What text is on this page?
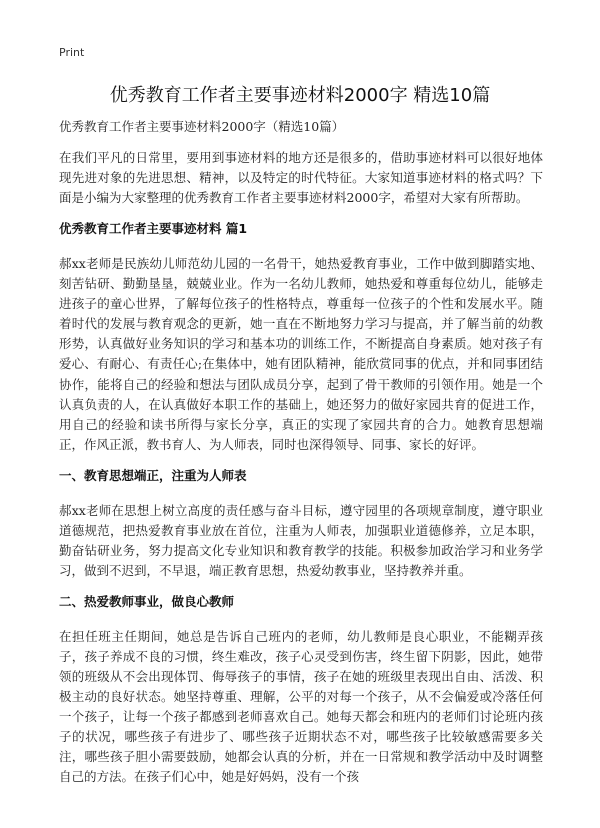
Print
优秀教育工作者主要事迹材料2000字 精选10篇

优秀教育工作者主要事迹材料2000字（精选10篇）

在我们平凡的日常里，要用到事迹材料的地方还是很多的，借助事迹材料可以很好地体现先进对象的先进思想、精神，以及特定的时代特征。大家知道事迹材料的格式吗？下面是小编为大家整理的优秀教育工作者主要事迹材料2000字，希望对大家有所帮助。

优秀教育工作者主要事迹材料 篇1

郝xx老师是民族幼儿师范幼儿园的一名骨干，她热爱教育事业，工作中做到脚踏实地、刻苦钻研、勤勤垦垦，兢兢业业。作为一名幼儿教师，她热爱和尊重每位幼儿，能够走进孩子的童心世界，了解每位孩子的性格特点，尊重每一位孩子的个性和发展水平。随着时代的发展与教育观念的更新，她一直在不断地努力学习与提高，并了解当前的幼教形势，认真做好业务知识的学习和基本功的训练工作，不断提高自身素质。她对孩子有爱心、有耐心、有责任心;在集体中，她有团队精神，能欣赏同事的优点，并和同事团结协作，能将自己的经验和想法与团队成员分享，起到了骨干教师的引领作用。她是一个认真负责的人，在认真做好本职工作的基础上，她还努力的做好家园共育的促进工作，用自己的经验和读书所得与家长分享，真正的实现了家园共育的合力。她教育思想端正，作风正派，教书育人、为人师表，同时也深得领导、同事、家长的好评。

一、教育思想端正，注重为人师表

郝xx老师在思想上树立高度的责任感与奋斗目标，遵守园里的各项规章制度，遵守职业道德规范，把热爱教育事业放在首位，注重为人师表，加强职业道德修养，立足本职，勤奋钻研业务，努力提高文化专业知识和教育教学的技能。积极参加政治学习和业务学习，做到不迟到，不早退，端正教育思想，热爱幼教事业，坚持教养并重。

二、热爱教师事业，做良心教师

在担任班主任期间，她总是告诉自己班内的老师，幼儿教师是良心职业，不能糊弄孩子，孩子养成不良的习惯，终生难改，孩子心灵受到伤害，终生留下阴影，因此，她带领的班级从不会出现体罚、侮辱孩子的事情，孩子在她的班级里表现出自由、活泼、积极主动的良好状态。她坚持尊重、理解，公平的对每一个孩子，从不会偏爱或冷落任何一个孩子，让每一个孩子都感到老师喜欢自己。她每天都会和班内的老师们讨论班内孩子的状况，哪些孩子有进步了、哪些孩子近期状态不对，哪些孩子比较敏感需要多关注，哪些孩子胆小需要鼓励，她都会认真的分析，并在一日常规和教学活动中及时调整自己的方法。在孩子们心中，她是好妈妈，没有一个孩
